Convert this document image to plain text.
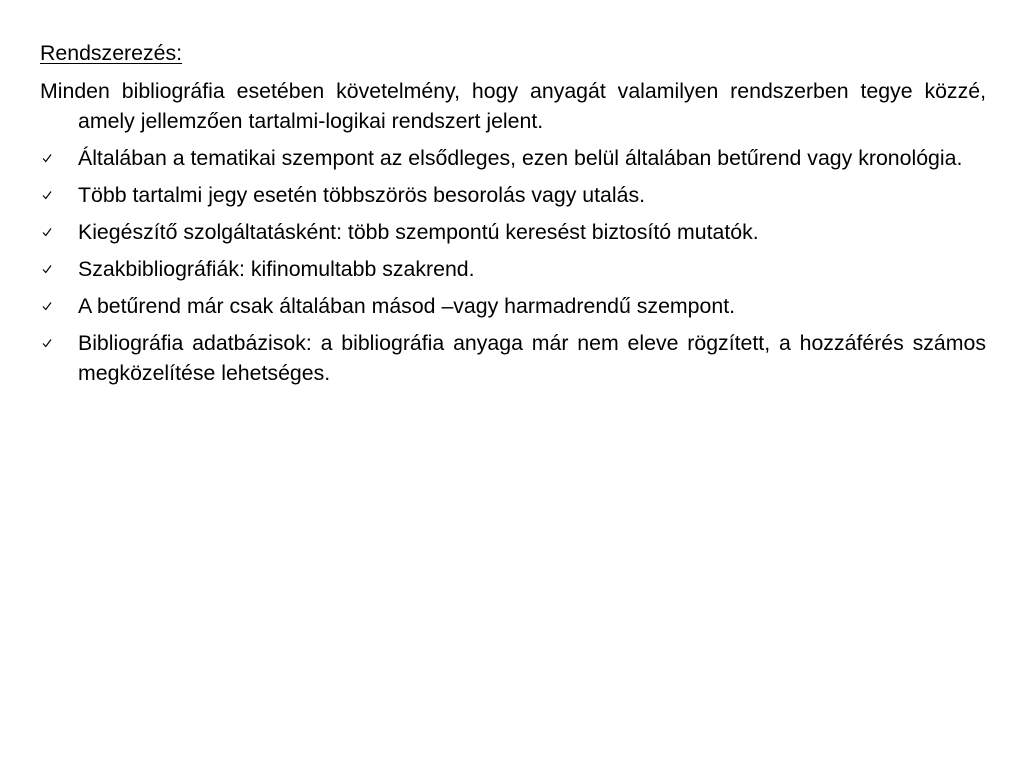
Rendszerezés:

Minden bibliográfia esetében követelmény, hogy anyagát valamilyen rendszerben tegye közzé, amely jellemzően tartalmi-logikai rendszert jelent.

Általában a tematikai szempont az elsődleges, ezen belül általában betűrend vagy kronológia.
Több tartalmi jegy esetén többszörös besorolás vagy utalás.
Kiegészítő szolgáltatásként: több szempontú keresést biztosító mutatók.
Szakbibliográfiák: kifinomultabb szakrend.
A betűrend már csak általában másod –vagy harmadrendű szempont.
Bibliográfia adatbázisok: a bibliográfia anyaga már nem eleve rögzített, a hozzáférés számos megközelítése lehetséges.
